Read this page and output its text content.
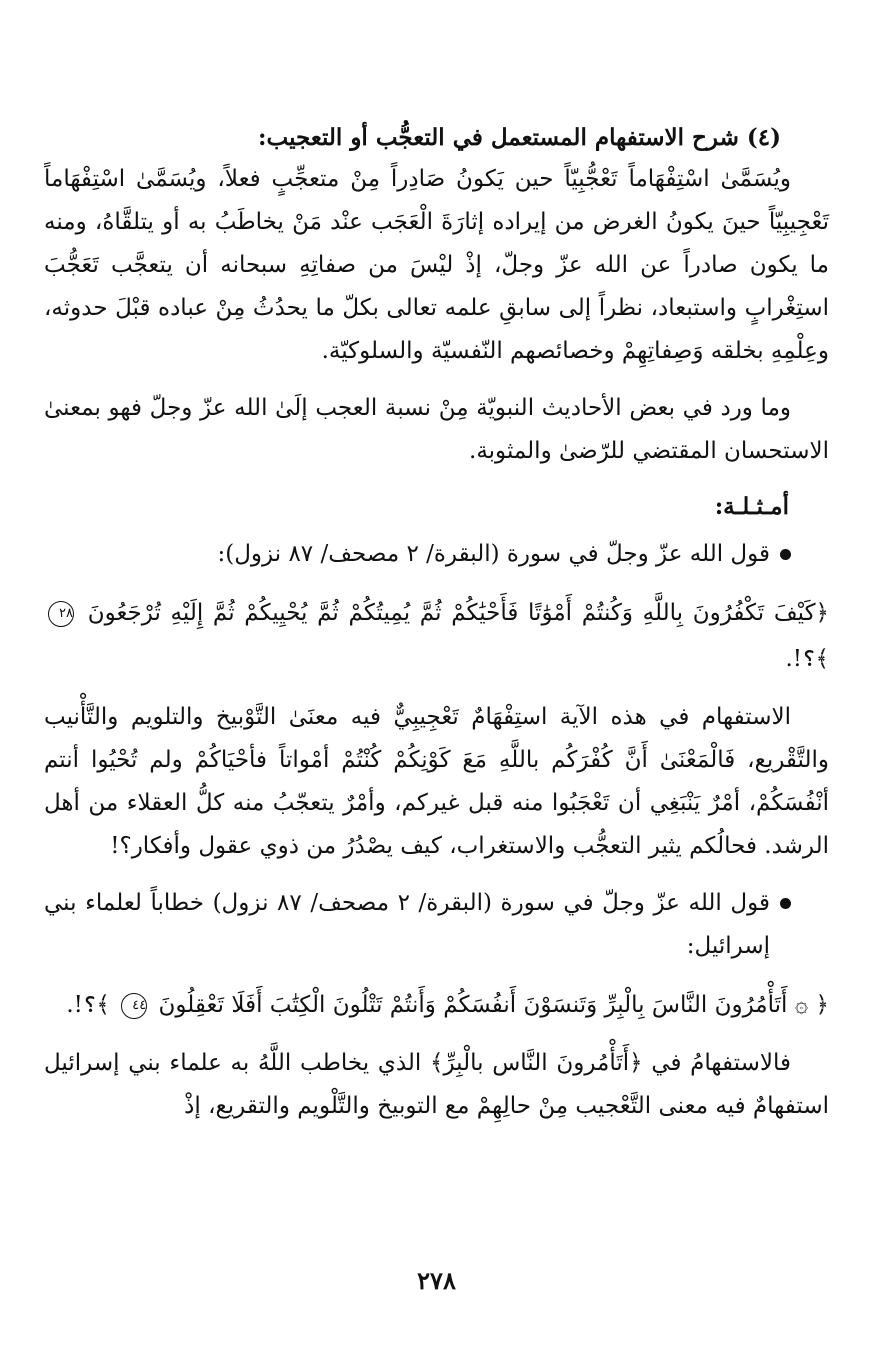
(٤) شرح الاستفهام المستعمل في التعجُّب أو التعجيب:

ويُسَمَّىٰ اسْتِفْهَاماً تَعْجُّبِيّاً حين يَكونُ صَادِراً مِنْ متعجِّبٍ فعلاً، ويُسَمَّىٰ اسْتِفْهَاماً تَعْجِيبِيّاً حينَ يكونُ الغرض من إيراده إثارَةَ الْعَجَب عنْد مَنْ يخاطَبُ به أو يتلقَّاهُ، ومنه ما يكون صادراً عن الله عزّ وجلّ، إذْ ليْسَ من صفاتِهِ سبحانه أن يتعجَّب تَعَجُّبَ استِغْرابٍ واستبعاد، نظراً إلى سابقِ علمه تعالى بكلّ ما يحدُثُ مِنْ عباده قبْلَ حدوثه، وعِلْمِهِ بخلقه وَصِفاتِهِمْ وخصائصهم النّفسيّة والسلوكيّة.

وما ورد في بعض الأحاديث النبويّة مِنْ نسبة العجب إلَىٰ الله عزّ وجلّ فهو بمعنىٰ الاستحسان المقتضي للرّضىٰ والمثوبة.

أمـثـلـة:
قول الله عزّ وجلّ في سورة (البقرة/ ٢ مصحف/ ٨٧ نزول):

﴿كَيْفَ تَكْفُرُونَ بِاللَّهِ وَكُنتُمْ أَمْوَٰتًا فَأَحْيَٰكُمْ ثُمَّ يُمِيتُكُمْ ثُمَّ يُحْيِيكُمْ ثُمَّ إِلَيْهِ تُرْجَعُونَ ٢٨ ﴾؟!.

الاستفهام في هذه الآية استِفْهَامٌ تَعْجِيبِيٌّ فيه معنَىٰ التَّوْبيخ والتلويم والتَّأْنيب والتَّقْريع، فَالْمَعْنَىٰ أَنَّ كُفْرَكُم باللَّهِ مَعَ كَوْنِكُمْ كُنْتُمْ أمْواتاً فأحْيَاكُمْ ولم تُحْيُوا أنتم أنْفُسَكُمْ، أمْرٌ يَنْبَغِي أن تَعْجَبُوا منه قبل غيركم، وأمْرٌ يتعجّبُ منه كلُّ العقلاء من أهل الرشد. فحالُكم يثير التعجُّب والاستغراب، كيف يصْدُرُ من ذوي عقول وأفكار؟!

قول الله عزّ وجلّ في سورة (البقرة/ ٢ مصحف/ ٨٧ نزول) خطاباً لعلماء بني إسرائيل:

﴿ ۞ أَتَأْمُرُونَ النَّاسَ بِالْبِرِّ وَتَنسَوْنَ أَنفُسَكُمْ وَأَنتُمْ تَتْلُونَ الْكِتَٰبَ أَفَلَا تَعْقِلُونَ ٤٤ ﴾؟!.

فالاستفهامُ في ﴿أَتَأْمُرونَ النَّاس بالْبِرِّ﴾ الذي يخاطب اللَّهُ به علماء بني إسرائيل استفهامٌ فيه معنى التَّعْجيب مِنْ حالِهِمْ مع التوبيخ والتَّلْويم والتقريع، إذْ

٢٧٨
